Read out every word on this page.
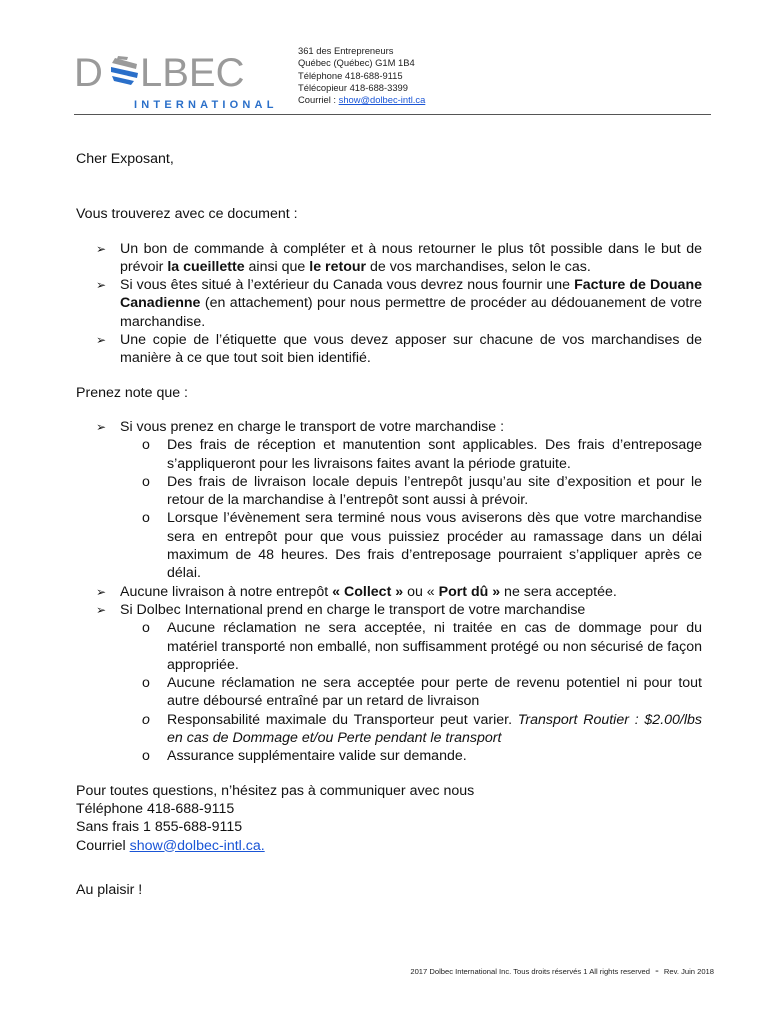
D LBEC
INTERNATIONAL
361 des Entrepreneurs
Québec (Québec) G1M 1B4
Téléphone 418-688-9115
Télécopieur 418-688-3399
Courriel : show@dolbec-intl.ca

Cher Exposant,

Vous trouverez avec ce document :

➢ Un bon de commande à compléter et à nous retourner le plus tôt possible dans le but de prévoir la cueillette ainsi que le retour de vos marchandises, selon le cas.
➢ Si vous êtes situé à l’extérieur du Canada vous devrez nous fournir une Facture de Douane Canadienne (en attachement) pour nous permettre de procéder au dédouanement de votre marchandise.
➢ Une copie de l’étiquette que vous devez apposer sur chacune de vos marchandises de manière à ce que tout soit bien identifié.

Prenez note que :

➢ Si vous prenez en charge le transport de votre marchandise :
o Des frais de réception et manutention sont applicables. Des frais d’entreposage s’appliqueront pour les livraisons faites avant la période gratuite.
o Des frais de livraison locale depuis l’entrepôt jusqu’au site d’exposition et pour le retour de la marchandise à l’entrepôt sont aussi à prévoir.
o Lorsque l’évènement sera terminé nous vous aviserons dès que votre marchandise sera en entrepôt pour que vous puissiez procéder au ramassage dans un délai maximum de 48 heures. Des frais d’entreposage pourraient s’appliquer après ce délai.
➢ Aucune livraison à notre entrepôt « Collect » ou « Port dû » ne sera acceptée.
➢ Si Dolbec International prend en charge le transport de votre marchandise
o Aucune réclamation ne sera acceptée, ni traitée en cas de dommage pour du matériel transporté non emballé, non suffisamment protégé ou non sécurisé de façon appropriée.
o Aucune réclamation ne sera acceptée pour perte de revenu potentiel ni pour tout autre déboursé entraîné par un retard de livraison
o Responsabilité maximale du Transporteur peut varier. Transport Routier : $2.00/lbs en cas de Dommage et/ou Perte pendant le transport
o Assurance supplémentaire valide sur demande.

Pour toutes questions, n’hésitez pas à communiquer avec nous

Téléphone 418-688-9115

Sans frais 1 855-688-9115

Courriel show@dolbec-intl.ca.

Au plaisir !

2017 Dolbec International Inc. Tous droits réservés 1 All rights reserved - Rev. Juin 2018
